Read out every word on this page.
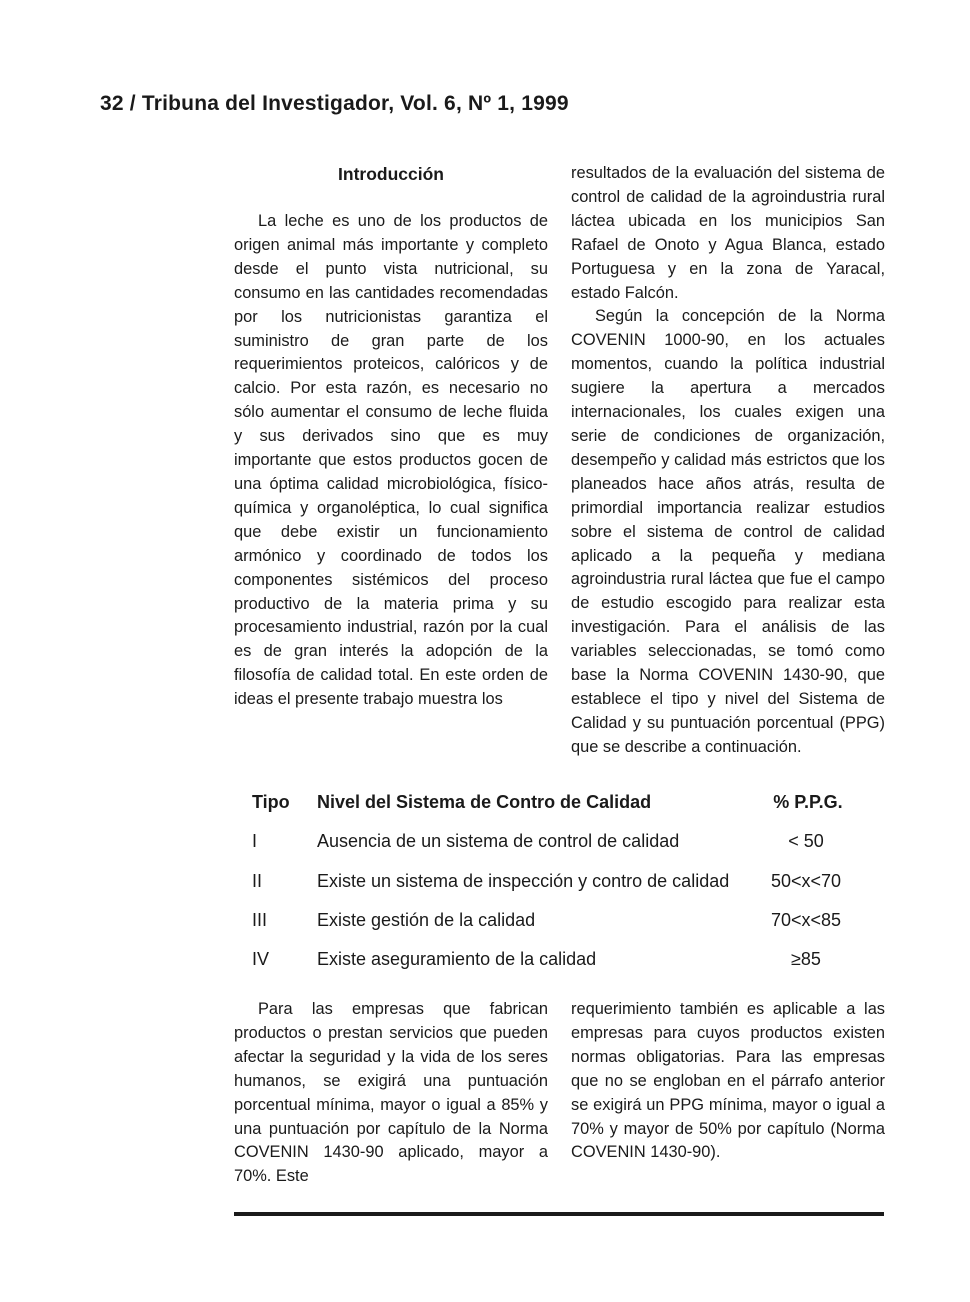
32 / Tribuna del Investigador, Vol. 6, Nº 1, 1999
Introducción

La leche es uno de los productos de origen animal más importante y completo desde el punto vista nutricional, su consumo en las cantidades recomendadas por los nutricionistas garantiza el suministro de gran parte de los requerimientos proteicos, calóricos y de calcio. Por esta razón, es necesario no sólo aumentar el consumo de leche fluida y sus derivados sino que es muy importante que estos productos gocen de una óptima calidad microbiológica, físico-química y organoléptica, lo cual significa que debe existir un funcionamiento armónico y coordinado de todos los componentes sistémicos del proceso productivo de la materia prima y su procesamiento industrial, razón por la cual es de gran interés la adopción de la filosofía de calidad total. En este orden de ideas el presente trabajo muestra los

resultados de la evaluación del sistema de control de calidad de la agroindustria rural láctea ubicada en los municipios San Rafael de Onoto y Agua Blanca, estado Portuguesa y en la zona de Yaracal, estado Falcón.

Según la concepción de la Norma COVENIN 1000-90, en los actuales momentos, cuando la política industrial sugiere la apertura a mercados internacionales, los cuales exigen una serie de condiciones de organización, desempeño y calidad más estrictos que los planeados hace años atrás, resulta de primordial importancia realizar estudios sobre el sistema de control de calidad aplicado a la pequeña y mediana agroindustria rural láctea que fue el campo de estudio escogido para realizar esta investigación. Para el análisis de las variables seleccionadas, se tomó como base la Norma COVENIN 1430-90, que establece el tipo y nivel del Sistema de Calidad y su puntuación porcentual (PPG) que se describe a continuación.

Tipo Nivel del Sistema de Contro de Calidad	% P.P.G.
I	Ausencia de un sistema de control de calidad	< 50
II	Existe un sistema de inspección y contro de calidad	50<x<70
III	Existe gestión de la calidad	70<x<85
IV	Existe aseguramiento de la calidad	≥85

Para las empresas que fabrican productos o prestan servicios que pueden afectar la seguridad y la vida de los seres humanos, se exigirá una puntuación porcentual mínima, mayor o igual a 85% y una puntuación por capítulo de la Norma COVENIN 1430-90 aplicado, mayor a 70%. Este

requerimiento también es aplicable a las empresas para cuyos productos existen normas obligatorias. Para las empresas que no se engloban en el párrafo anterior se exigirá un PPG mínima, mayor o igual a 70% y mayor de 50% por capítulo (Norma COVENIN 1430-90).
